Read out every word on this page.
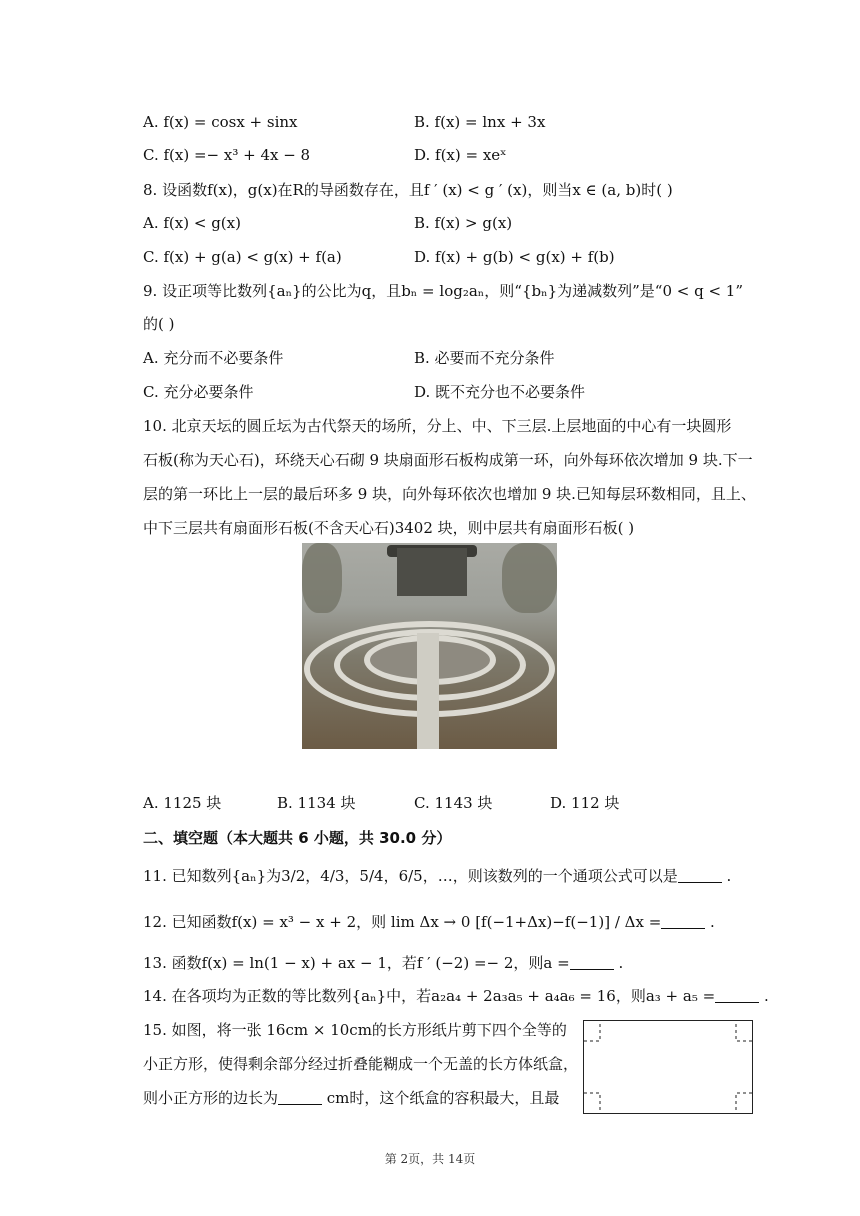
A. f(x) = cosx + sinx	B. f(x) = lnx + 3x
C. f(x) =− x³ + 4x − 8	D. f(x) = xeˣ
8. 设函数f(x)，g(x)在R的导函数存在，且f ′ (x) < g ′ (x)，则当x ∈ (a, b)时( )
A. f(x) < g(x)	B. f(x) > g(x)
C. f(x) + g(a) < g(x) + f(a)	D. f(x) + g(b) < g(x) + f(b)
9. 设正项等比数列{aₙ}的公比为q，且bₙ = log₂aₙ，则“{bₙ}为递减数列”是“0 < q < 1”
的( )
A. 充分而不必要条件	B. 必要而不充分条件
C. 充分必要条件	D. 既不充分也不必要条件
10. 北京天坛的圆丘坛为古代祭天的场所，分上、中、下三层.上层地面的中心有一块圆形
石板(称为天心石)，环绕天心石砌 9 块扇面形石板构成第一环，向外每环依次增加 9 块.下一
层的第一环比上一层的最后环多 9 块，向外每环依次也增加 9 块.已知每层环数相同，且上、
中下三层共有扇面形石板(不含天心石)3402 块，则中层共有扇面形石板( )
A. 1125 块	B. 1134 块	C. 1143 块	D. 112 块
二、填空题（本大题共 6 小题，共 30.0 分）
11. 已知数列{aₙ}为3/2，4/3，5/4，6/5，…，则该数列的一个通项公式可以是	.
12. 已知函数f(x) = x³ − x + 2，则 lim Δx → 0 [f(−1+Δx)−f(−1)] / Δx =	.
13. 函数f(x) = ln(1 − x) + ax − 1，若f ′ (−2) =− 2，则a =	.
14. 在各项均为正数的等比数列{aₙ}中，若a₂a₄ + 2a₃a₅ + a₄a₆ = 16，则a₃ + a₅ =	.
15. 如图，将一张 16cm × 10cm的长方形纸片剪下四个全等的
小正方形，使得剩余部分经过折叠能糊成一个无盖的长方体纸盒，
则小正方形的边长为	cm时，这个纸盒的容积最大，且最
第 2页，共 14页
